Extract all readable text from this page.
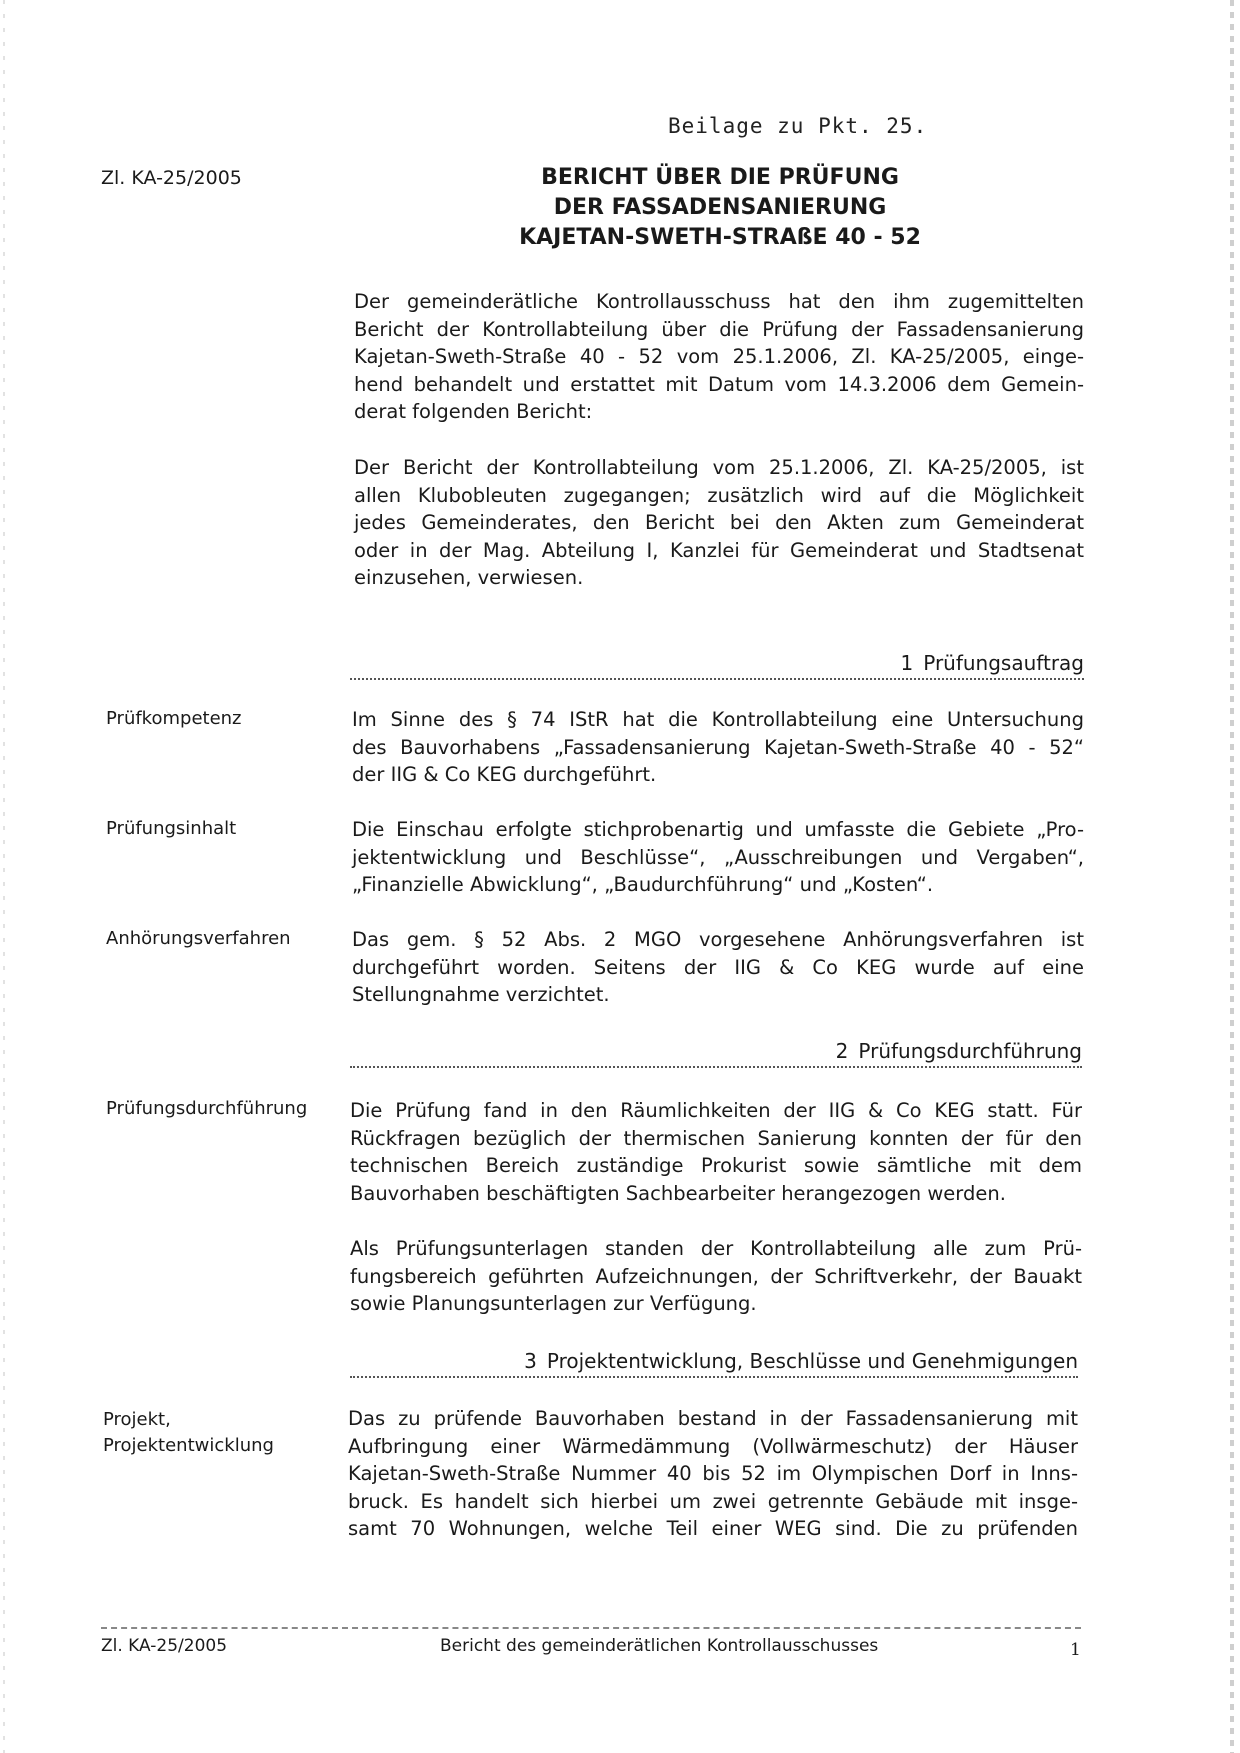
Beilage zu Pkt. 25.
Zl. KA-25/2005	BERICHT ÜBER DIE PRÜFUNG
DER FASSADENSANIERUNG
KAJETAN-SWETH-STRAßE 40 - 52
Der gemeinderätliche Kontrollausschuss hat den ihm zugemittelten
Bericht der Kontrollabteilung über die Prüfung der Fassadensanierung
Kajetan-Sweth-Straße 40 - 52 vom 25.1.2006, Zl. KA-25/2005, einge-
hend behandelt und erstattet mit Datum vom 14.3.2006 dem Gemein-
derat folgenden Bericht:
Der Bericht der Kontrollabteilung vom 25.1.2006, Zl. KA-25/2005, ist
allen Klubobleuten zugegangen; zusätzlich wird auf die Möglichkeit
jedes Gemeinderates, den Bericht bei den Akten zum Gemeinderat
oder in der Mag. Abteilung I, Kanzlei für Gemeinderat und Stadtsenat
einzusehen, verwiesen.
1 Prüfungsauftrag
Prüfkompetenz	Im Sinne des § 74 IStR hat die Kontrollabteilung eine Untersuchung
des Bauvorhabens „Fassadensanierung Kajetan-Sweth-Straße 40 - 52“
der IIG & Co KEG durchgeführt.
Prüfungsinhalt	Die Einschau erfolgte stichprobenartig und umfasste die Gebiete „Pro-
jektentwicklung und Beschlüsse“, „Ausschreibungen und Vergaben“,
„Finanzielle Abwicklung“, „Baudurchführung“ und „Kosten“.
Anhörungsverfahren	Das gem. § 52 Abs. 2 MGO vorgesehene Anhörungsverfahren ist
durchgeführt worden. Seitens der IIG & Co KEG wurde auf eine
Stellungnahme verzichtet.
2 Prüfungsdurchführung
Prüfungsdurchführung Die Prüfung fand in den Räumlichkeiten der IIG & Co KEG statt. Für
Rückfragen bezüglich der thermischen Sanierung konnten der für den
technischen Bereich zuständige Prokurist sowie sämtliche mit dem
Bauvorhaben beschäftigten Sachbearbeiter herangezogen werden.
Als Prüfungsunterlagen standen der Kontrollabteilung alle zum Prü-
fungsbereich geführten Aufzeichnungen, der Schriftverkehr, der Bauakt
sowie Planungsunterlagen zur Verfügung.
3 Projektentwicklung, Beschlüsse und Genehmigungen
Projekt,
Projektentwicklung
Das zu prüfende Bauvorhaben bestand in der Fassadensanierung mit
Aufbringung einer Wärmedämmung (Vollwärmeschutz) der Häuser
Kajetan-Sweth-Straße Nummer 40 bis 52 im Olympischen Dorf in Inns-
bruck. Es handelt sich hierbei um zwei getrennte Gebäude mit insge-
samt 70 Wohnungen, welche Teil einer WEG sind. Die zu prüfenden
Zl. KA-25/2005	Bericht des gemeinderätlichen Kontrollausschusses	1
